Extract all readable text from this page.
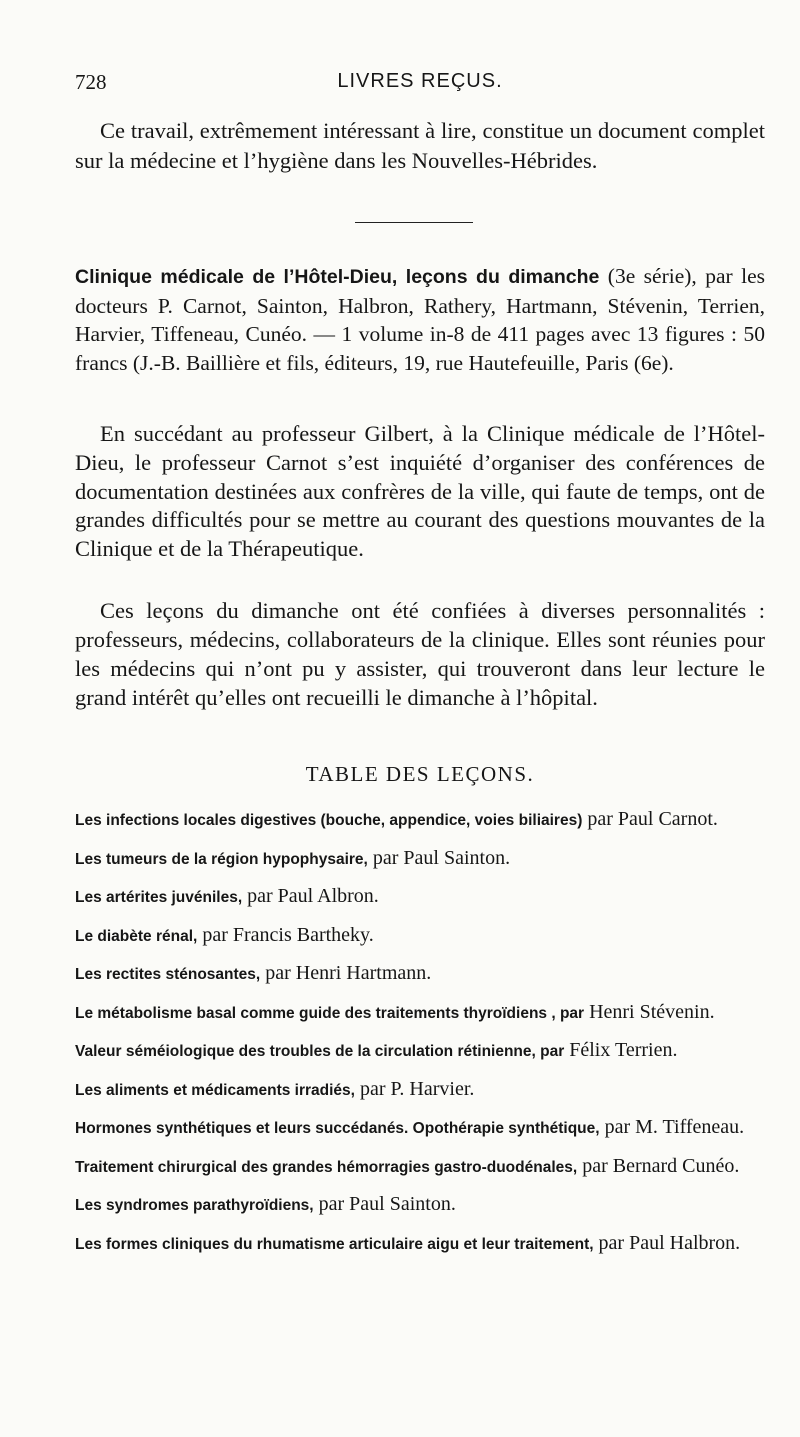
728	LIVRES REÇUS.

Ce travail, extrêmement intéressant à lire, constitue un document complet sur la médecine et l’hygiène dans les Nouvelles-Hébrides.

Clinique médicale de l’Hôtel-Dieu, leçons du dimanche (3e série), par les docteurs P. Carnot, Sainton, Halbron, Rathery, Hartmann, Stévenin, Terrien, Harvier, Tiffeneau, Cunéo. — 1 volume in-8 de 411 pages avec 13 figures : 50 francs (J.-B. Baillière et fils, éditeurs, 19, rue Hautefeuille, Paris (6e).

En succédant au professeur Gilbert, à la Clinique médicale de l’Hôtel-Dieu, le professeur Carnot s’est inquiété d’organiser des conférences de documentation destinées aux confrères de la ville, qui faute de temps, ont de grandes difficultés pour se mettre au courant des questions mouvantes de la Clinique et de la Thérapeutique.

Ces leçons du dimanche ont été confiées à diverses personnalités : professeurs, médecins, collaborateurs de la clinique. Elles sont réunies pour les médecins qui n’ont pu y assister, qui trouveront dans leur lecture le grand intérêt qu’elles ont recueilli le dimanche à l’hôpital.

TABLE DES LEÇONS.
Les infections locales digestives (bouche, appendice, voies biliaires) par Paul Carnot.
Les tumeurs de la région hypophysaire, par Paul Sainton.
Les artérites juvéniles, par Paul Albron.
Le diabète rénal, par Francis Bartheky.
Les rectites sténosantes, par Henri Hartmann.
Le métabolisme basal comme guide des traitements thyroïdiens , par Henri Stévenin.
Valeur séméiologique des troubles de la circulation rétinienne, par Félix Terrien.
Les aliments et médicaments irradiés, par P. Harvier.
Hormones synthétiques et leurs succédanés. Opothérapie synthétique, par M. Tiffeneau.
Traitement chirurgical des grandes hémorragies gastro-duodénales, par Bernard Cunéo.
Les syndromes parathyroïdiens, par Paul Sainton.
Les formes cliniques du rhumatisme articulaire aigu et leur traitement, par Paul Halbron.
